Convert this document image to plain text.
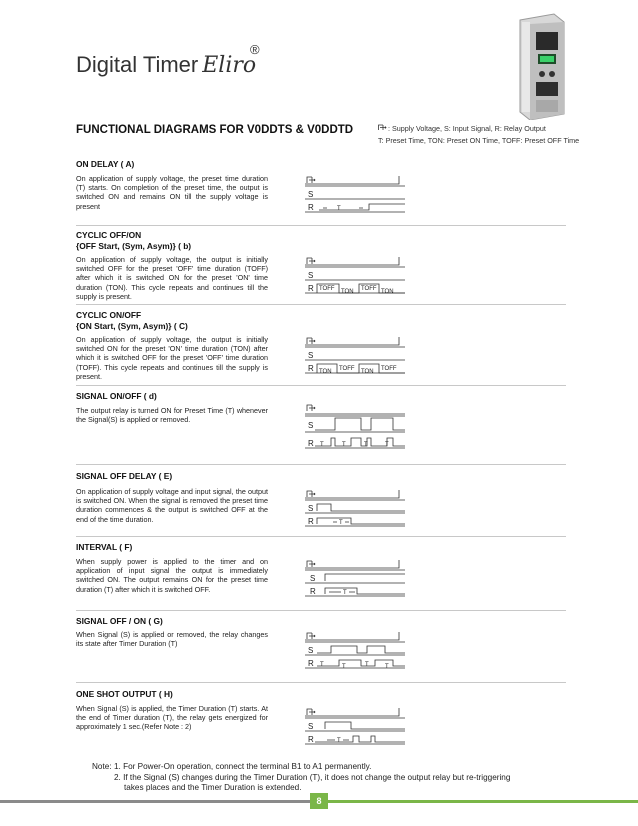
Digital Timer Eliro
®
FUNCTIONAL DIAGRAMS FOR V0DDTS & V0DDTD	: Supply Voltage, S: Input Signal, R: Relay Output
T: Preset Time, TON: Preset ON Time, TOFF: Preset OFF Time
ON DELAY ( A)
On application of supply voltage, the preset time duration (T) starts. On completion of the preset time, the output is switched ON and remains ON till the supply voltage is present
CYCLIC OFF/ON
{OFF Start, (Sym, Asym)} ( b)
On application of supply voltage, the output is initially switched OFF for the preset 'OFF' time duration (TOFF) after which it is switched ON for the preset 'ON' time duration (TON). This cycle repeats and continues till the supply is present.
CYCLIC ON/OFF
{ON Start, (Sym, Asym)} ( C)
On application of supply voltage, the output is initially switched ON for the preset 'ON' time duration (TON) after which it is switched OFF for the preset 'OFF' time duration (TOFF). This cycle repeats and continues till the supply is present.
SIGNAL ON/OFF ( d)
The output relay is turned ON for Preset Time (T) whenever the Signal(S) is applied or removed.
SIGNAL OFF DELAY ( E)
On application of supply voltage and input signal, the output is switched ON. When the signal is removed the preset time duration commences & the output is switched OFF at the end of the time duration.
INTERVAL ( F)
When supply power is applied to the timer and on application of input signal the output is immediately switched ON. The output remains ON for the preset time duration (T) after which it is switched OFF.
SIGNAL OFF / ON ( G)
When Signal (S) is applied or removed, the relay changes its state after Timer Duration (T)
ONE SHOT OUTPUT ( H)
When Signal (S) is applied, the Timer Duration (T) starts. At the end of Timer duration (T), the relay gets energized for approximately 1 sec.(Refer Note : 2)
S
R	T
S
R TOFF TON TOFF TON
S
R TON TOFF TON TOFF
S
R T	T	T	T
S
R	T
S
R	T
S
R T	T	T	T
S
R	T
Note: 1. For Power-On operation, connect the terminal B1 to A1 permanently.
2. If the Signal (S) changes during the Timer Duration (T), it does not change the output relay but re-triggering
takes places and the Timer Duration is extended.
8
